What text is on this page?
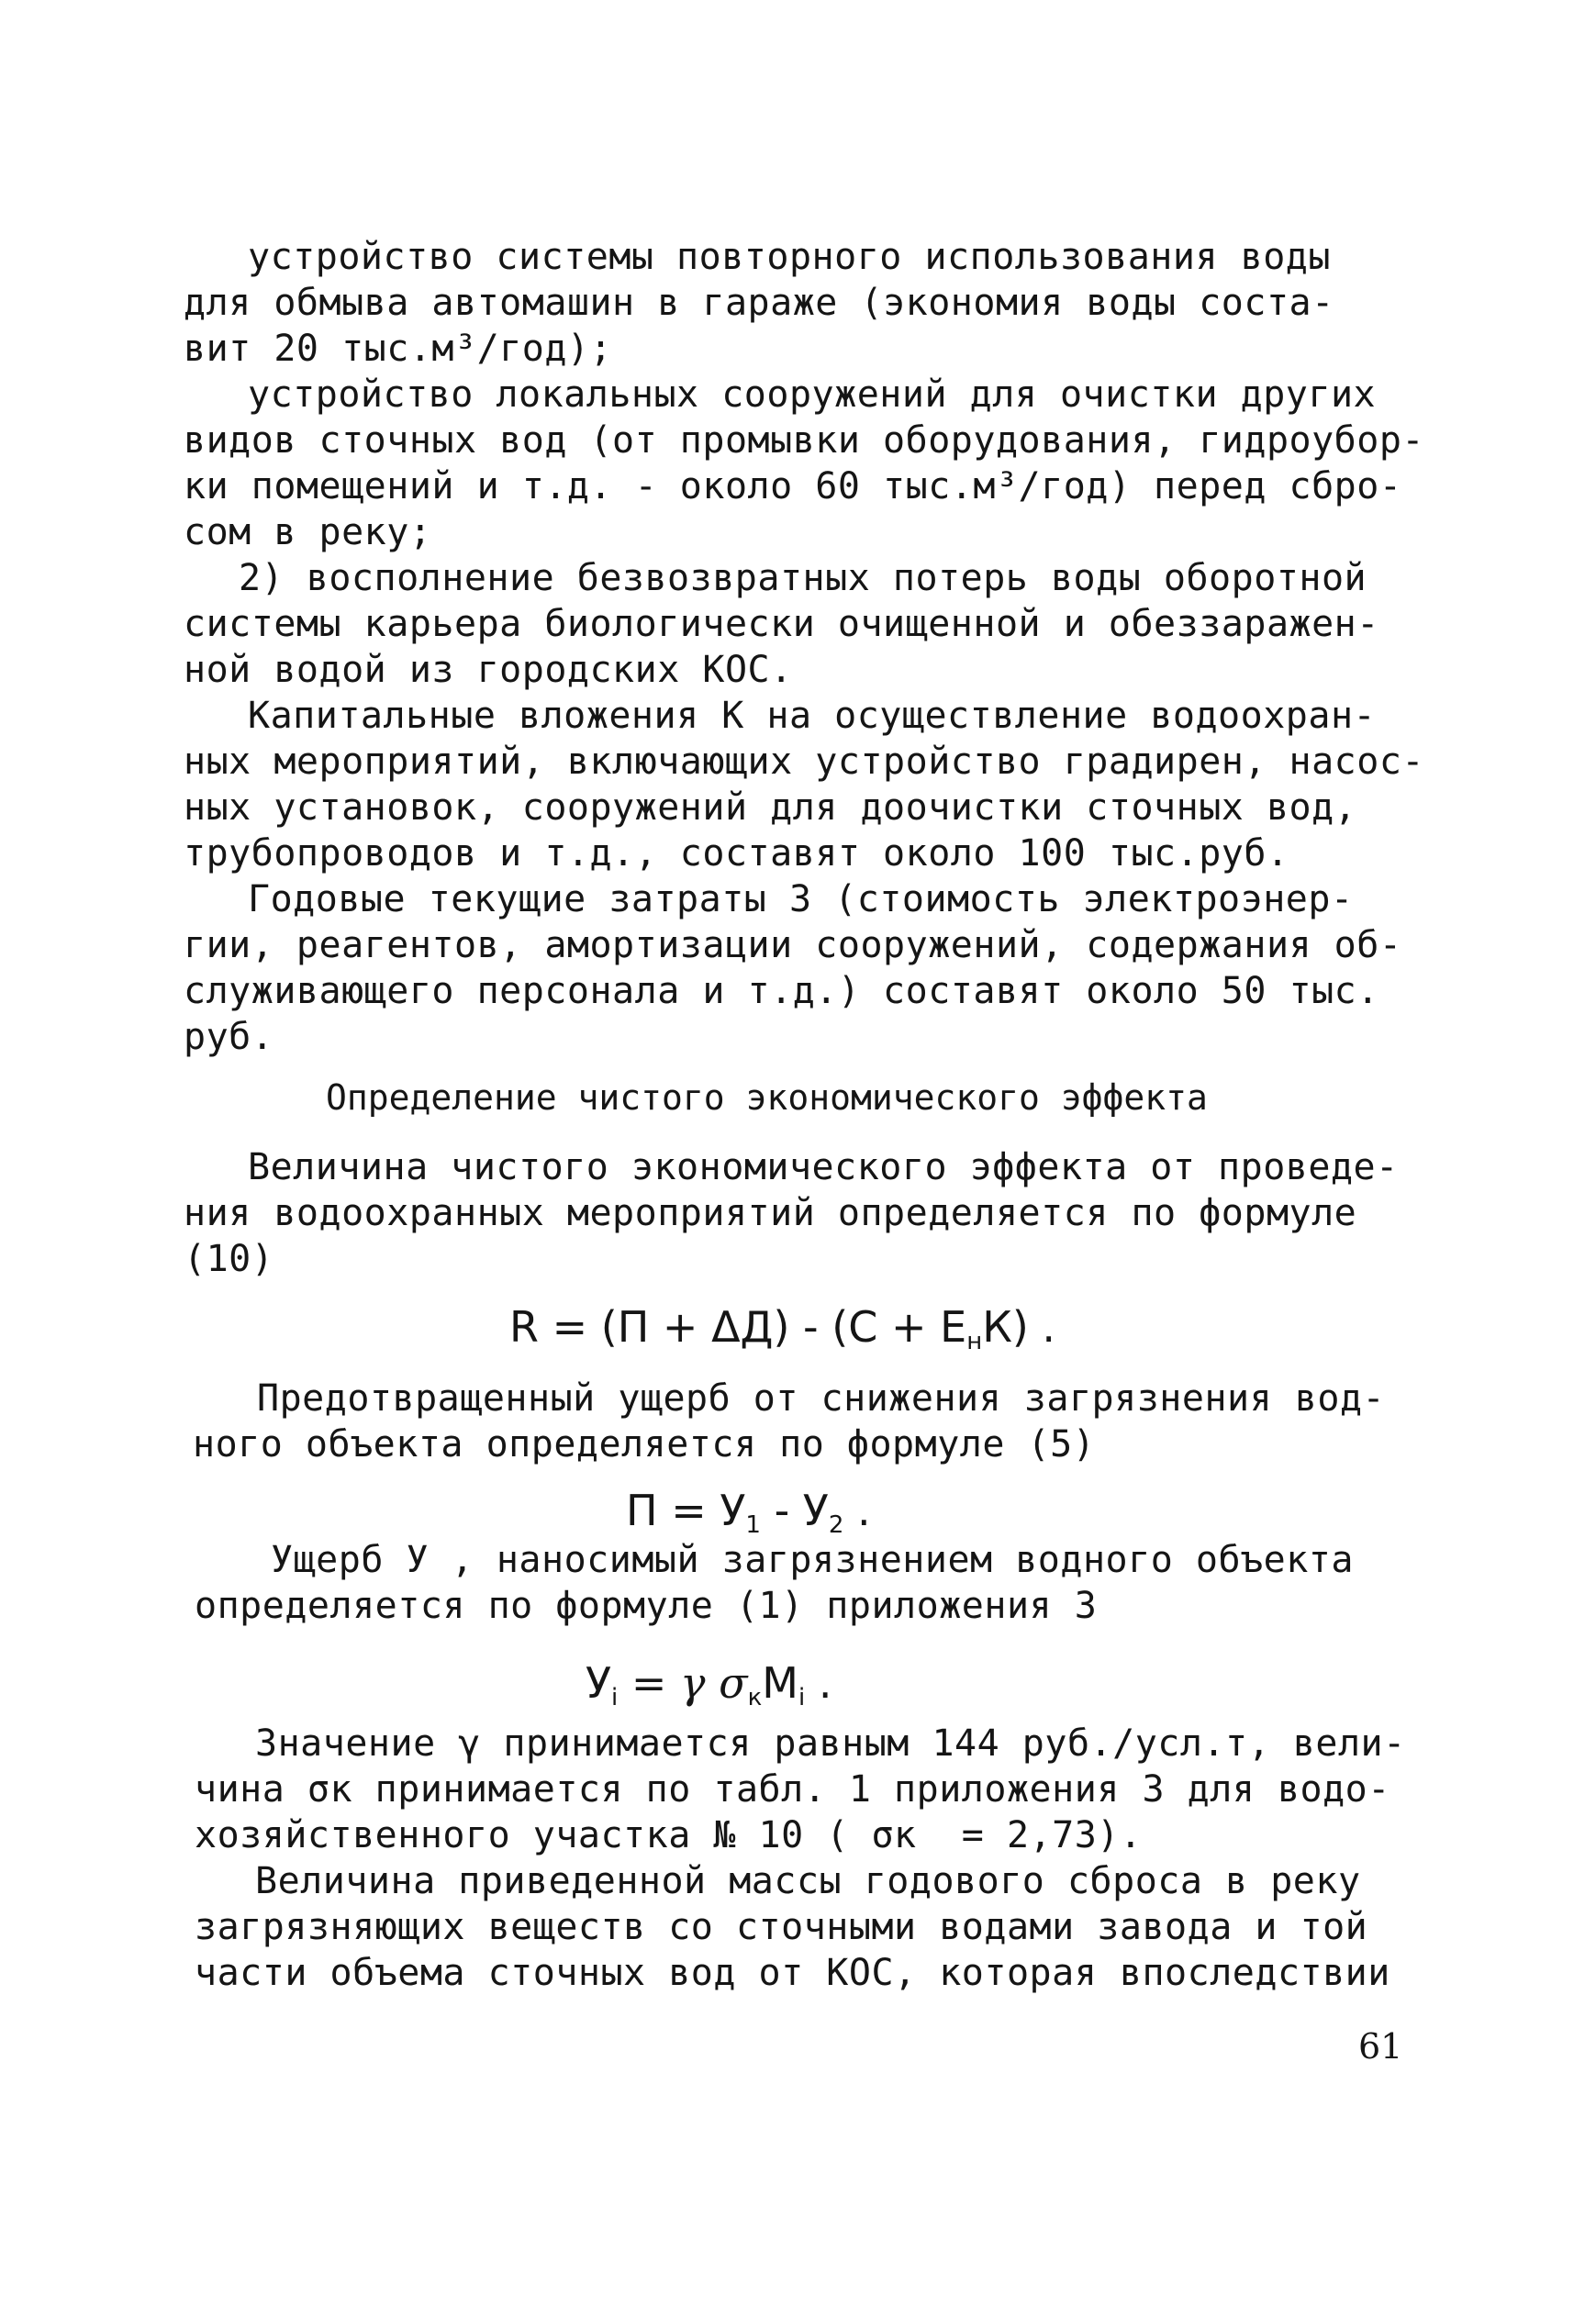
устройство системы повторного использования воды
для обмыва автомашин в гараже (экономия воды соста-
вит 20 тыс.м³/год);
устройство локальных сооружений для очистки других
видов сточных вод (от промывки оборудования, гидроубор-
ки помещений и т.д. - около 60 тыс.м³/год) перед сбро-
сом в реку;
2) восполнение безвозвратных потерь воды оборотной
системы карьера биологически очищенной и обеззаражен-
ной водой из городских КОС.
Капитальные вложения К на осуществление водоохран-
ных мероприятий, включающих устройство градирен, насос-
ных установок, сооружений для доочистки сточных вод,
трубопроводов и т.д., составят около 100 тыс.руб.
Годовые текущие затраты З (стоимость электроэнер-
гии, реагентов, амортизации сооружений, содержания об-
служивающего персонала и т.д.) составят около 50 тыс.
руб.
Определение чистого экономического эффекта
Величина чистого экономического эффекта от проведе-
ния водоохранных мероприятий определяется по формуле
(10)
$R = (П + \Delta Д) - (С + Е_нК)$ .
Предотвращенный ущерб от снижения загрязнения вод-
ного объекта определяется по формуле (5)
$П = У_1 - У_2$ .
Ущерб У , наносимый загрязнением водного объекта
определяется по формуле (1) приложения 3
$У_i = \gamma$ $\sigma_кM_i$ .
Значение γ принимается равным 144 руб./усл.т, вели-
чина σк принимается по табл. 1 приложения 3 для водо-
хозяйственного участка № 10 ( σк  = 2,73).
Величина приведенной массы годового сброса в реку
загрязняющих веществ со сточными водами завода и той
части объема сточных вод от КОС, которая впоследствии
61
